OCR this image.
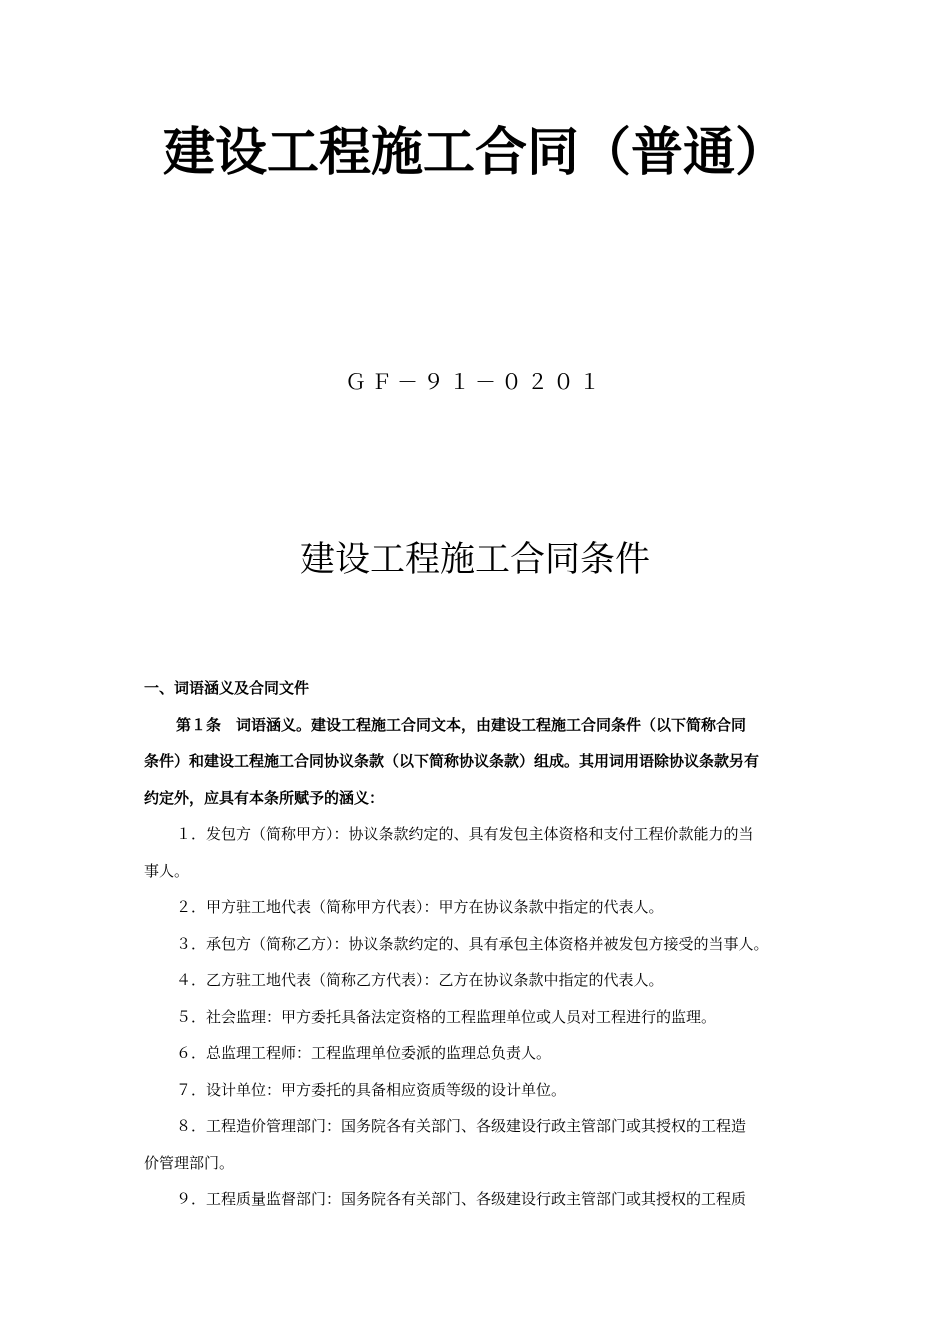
建设工程施工合同（普通）
ＧＦ－９１－０２０１
建设工程施工合同条件
一、词语涵义及合同文件
第１条　词语涵义。建设工程施工合同文本，由建设工程施工合同条件（以下简称合同
条件）和建设工程施工合同协议条款（以下简称协议条款）组成。其用词用语除协议条款另有
约定外，应具有本条所赋予的涵义：
１．发包方（简称甲方）：协议条款约定的、具有发包主体资格和支付工程价款能力的当
事人。
２．甲方驻工地代表（简称甲方代表）：甲方在协议条款中指定的代表人。
３．承包方（简称乙方）：协议条款约定的、具有承包主体资格并被发包方接受的当事人。
４．乙方驻工地代表（简称乙方代表）：乙方在协议条款中指定的代表人。
５．社会监理：甲方委托具备法定资格的工程监理单位或人员对工程进行的监理。
６．总监理工程师：工程监理单位委派的监理总负责人。
７．设计单位：甲方委托的具备相应资质等级的设计单位。
８．工程造价管理部门：国务院各有关部门、各级建设行政主管部门或其授权的工程造
价管理部门。
９．工程质量监督部门：国务院各有关部门、各级建设行政主管部门或其授权的工程质
